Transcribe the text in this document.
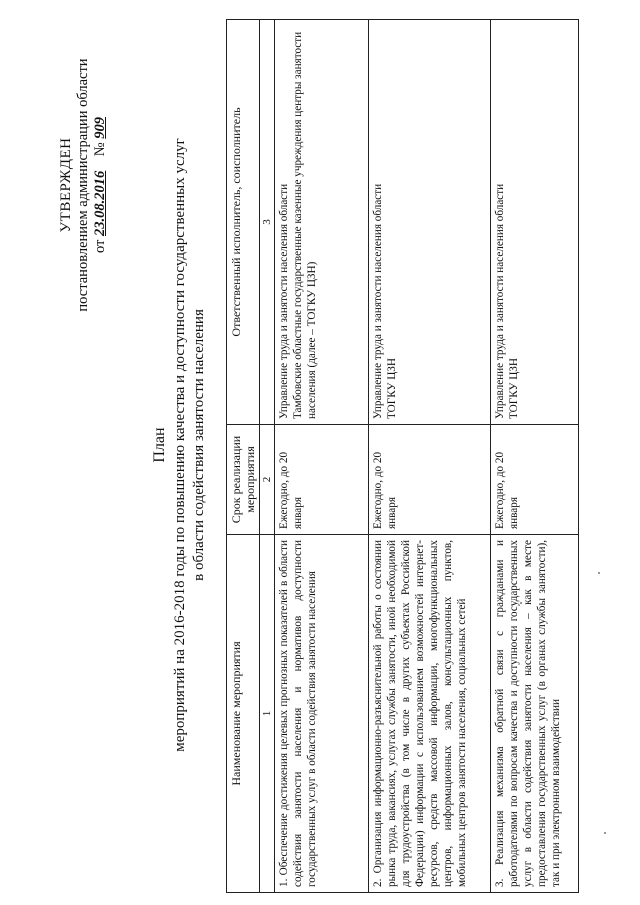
УТВЕРЖДЕН постановлением администрации области от 23.08.2016    № 909
План мероприятий на 2016-2018 годы по повышению качества и доступности государственных услуг в области содействия занятости населения
Наименование мероприятия	Срок реализации мероприятия	Ответственный исполнитель, соисполнитель
1	2	3
1. Обеспечение достижения целевых прогнозных показателей в области содействия занятости населения и нормативов доступности государственных услуг в области содействия занятости населения	Ежегодно, до 20 января	Управление труда и занятости населения области Тамбовские областные государственные казенные учреждения центры занятости населения (далее – ТОГКУ ЦЗН)

2. Организация информационно-разъяснительной работы о состоянии рынка труда, вакансиях, услугах службы занятости, иной необходимой для трудоустройства (в том числе в других субъектах Российской Федерации) информации с использованием возможностей интернет-ресурсов, средств массовой информации, многофункциональных центров, информационных залов, консультационных пунктов, мобильных центров занятости населения, социальных сетей	Ежегодно, до 20 января	Управление труда и занятости населения области ТОГКУ ЦЗН

3. Реализация механизма обратной связи с гражданами и работодателями по вопросам качества и доступности государственных услуг в области содействия занятости населения – как в месте предоставления государственных услуг (в органах службы занятости), так и при электронном взаимодействии	Ежегодно, до 20 января	Управление труда и занятости населения области ТОГКУ ЦЗН
